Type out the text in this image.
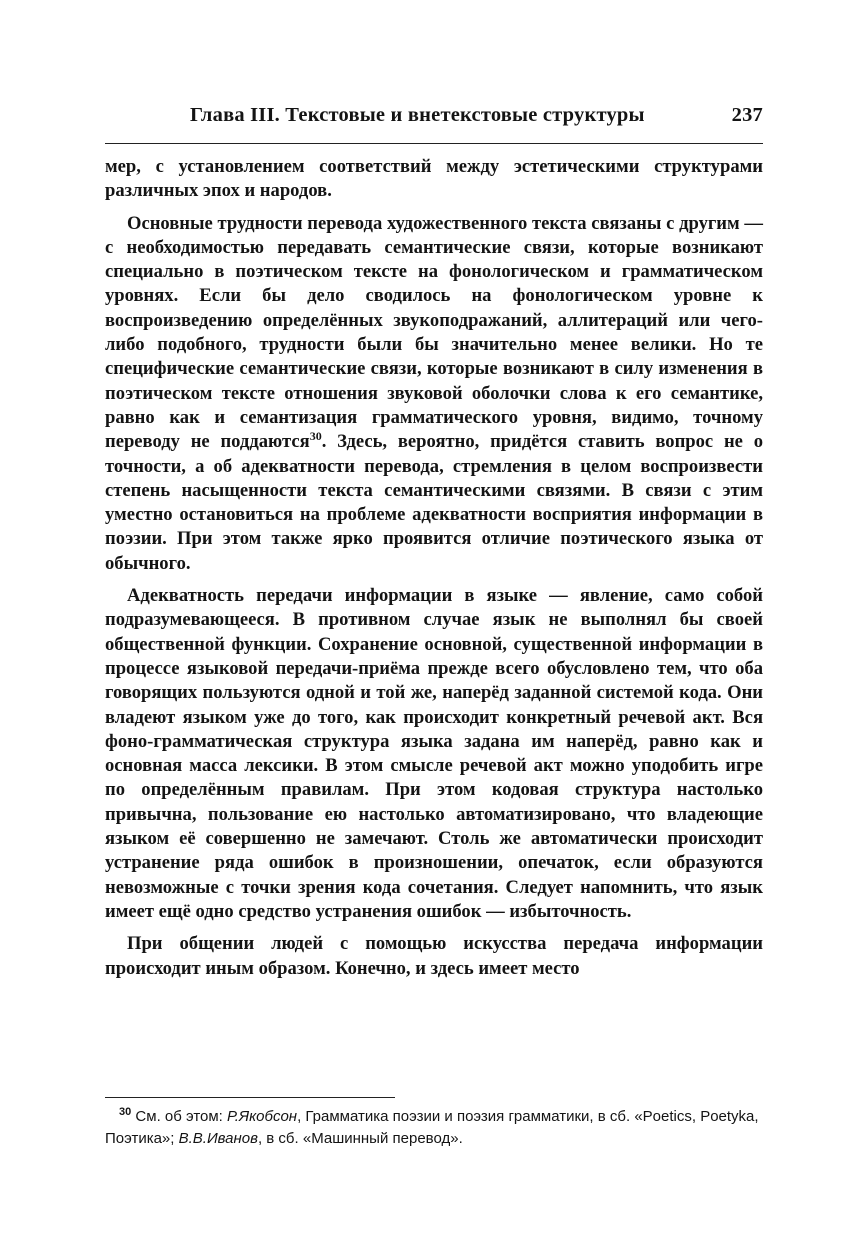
Глава III. Текстовые и внетекстовые структуры	237

мер, с установлением соответствий между эстетическими структурами различных эпох и народов.

Основные трудности перевода художественного текста связаны с другим — с необходимостью передавать семантические связи, которые возникают специально в поэтическом тексте на фонологическом и грамматическом уровнях. Если бы дело сводилось на фонологическом уровне к воспроизведению определённых звукоподражаний, аллитераций или чего-либо подобного, трудности были бы значительно менее велики. Но те специфические семантические связи, которые возникают в силу изменения в поэтическом тексте отношения звуковой оболочки слова к его семантике, равно как и семантизация грамматического уровня, видимо, точному переводу не поддаются$^{30}$. Здесь, вероятно, придётся ставить вопрос не о точности, а об адекватности перевода, стремления в целом воспроизвести степень насыщенности текста семантическими связями. В связи с этим уместно остановиться на проблеме адекватности восприятия информации в поэзии. При этом также ярко проявится отличие поэтического языка от обычного.

Адекватность передачи информации в языке — явление, само собой подразумевающееся. В противном случае язык не выполнял бы своей общественной функции. Сохранение основной, существенной информации в процессе языковой передачи-приёма прежде всего обусловлено тем, что оба говорящих пользуются одной и той же, наперёд заданной системой кода. Они владеют языком уже до того, как происходит конкретный речевой акт. Вся фоно-грамматическая структура языка задана им наперёд, равно как и основная масса лексики. В этом смысле речевой акт можно уподобить игре по определённым правилам. При этом кодовая структура настолько привычна, пользование ею настолько автоматизировано, что владеющие языком её совершенно не замечают. Столь же автоматически происходит устранение ряда ошибок в произношении, опечаток, если образуются невозможные с точки зрения кода сочетания. Следует напомнить, что язык имеет ещё одно средство устранения ошибок — избыточность.

При общении людей с помощью искусства передача информации происходит иным образом. Конечно, и здесь имеет место

$^{30}$ См. об этом: Р.Якобсон, Грамматика поэзии и поэзия грамматики, в сб. «Poetics, Poetyka, Поэтика»; В.В.Иванов, в сб. «Машинный перевод».
